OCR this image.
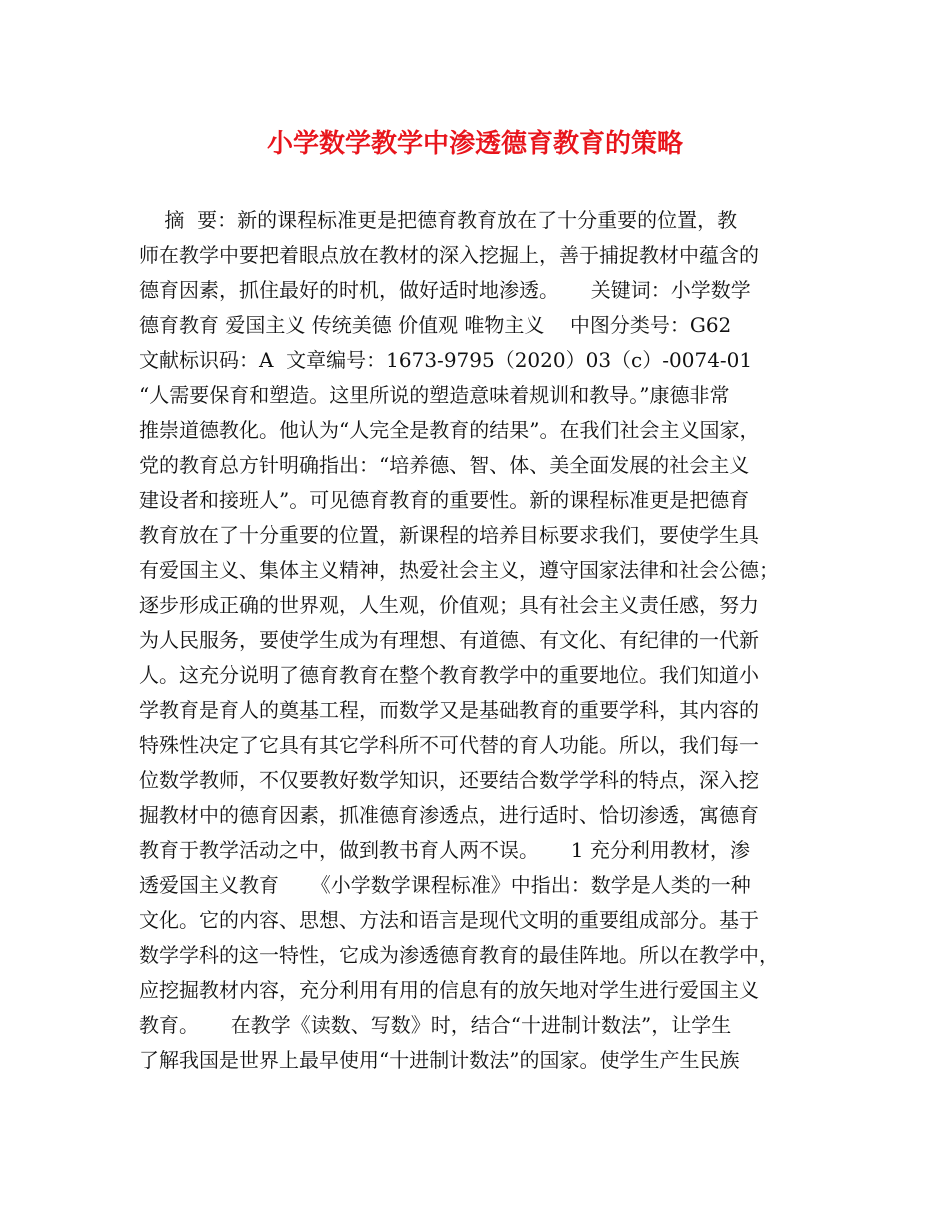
小学数学教学中渗透德育教育的策略
摘  要：新的课程标准更是把德育教育放在了十分重要的位置，教
师在教学中要把着眼点放在教材的深入挖掘上，善于捕捉教材中蕴含的
德育因素，抓住最好的时机，做好适时地渗透。     关键词：小学数学
德育教育 爱国主义 传统美德 价值观 唯物主义    中图分类号：G62
文献标识码：A  文章编号：1673-9795（2020）03（c）-0074-01
“人需要保育和塑造。这里所说的塑造意味着规训和教导。”康德非常
推崇道德教化。他认为“人完全是教育的结果”。在我们社会主义国家，
党的教育总方针明确指出：“培养德、智、体、美全面发展的社会主义
建设者和接班人”。可见德育教育的重要性。新的课程标准更是把德育
教育放在了十分重要的位置，新课程的培养目标要求我们，要使学生具
有爱国主义、集体主义精神，热爱社会主义，遵守国家法律和社会公德；
逐步形成正确的世界观，人生观，价值观；具有社会主义责任感，努力
为人民服务，要使学生成为有理想、有道德、有文化、有纪律的一代新
人。这充分说明了德育教育在整个教育教学中的重要地位。我们知道小
学教育是育人的奠基工程，而数学又是基础教育的重要学科，其内容的
特殊性决定了它具有其它学科所不可代替的育人功能。所以，我们每一
位数学教师，不仅要教好数学知识，还要结合数学学科的特点，深入挖
掘教材中的德育因素，抓准德育渗透点，进行适时、恰切渗透，寓德育
教育于教学活动之中，做到教书育人两不误。     1 充分利用教材，渗
透爱国主义教育     《小学数学课程标准》中指出：数学是人类的一种
文化。它的内容、思想、方法和语言是现代文明的重要组成部分。基于
数学学科的这一特性，它成为渗透德育教育的最佳阵地。所以在教学中，
应挖掘教材内容，充分利用有用的信息有的放矢地对学生进行爱国主义
教育。     在教学《读数、写数》时，结合“十进制计数法”，让学生
了解我国是世界上最早使用“十进制计数法”的国家。使学生产生民族
